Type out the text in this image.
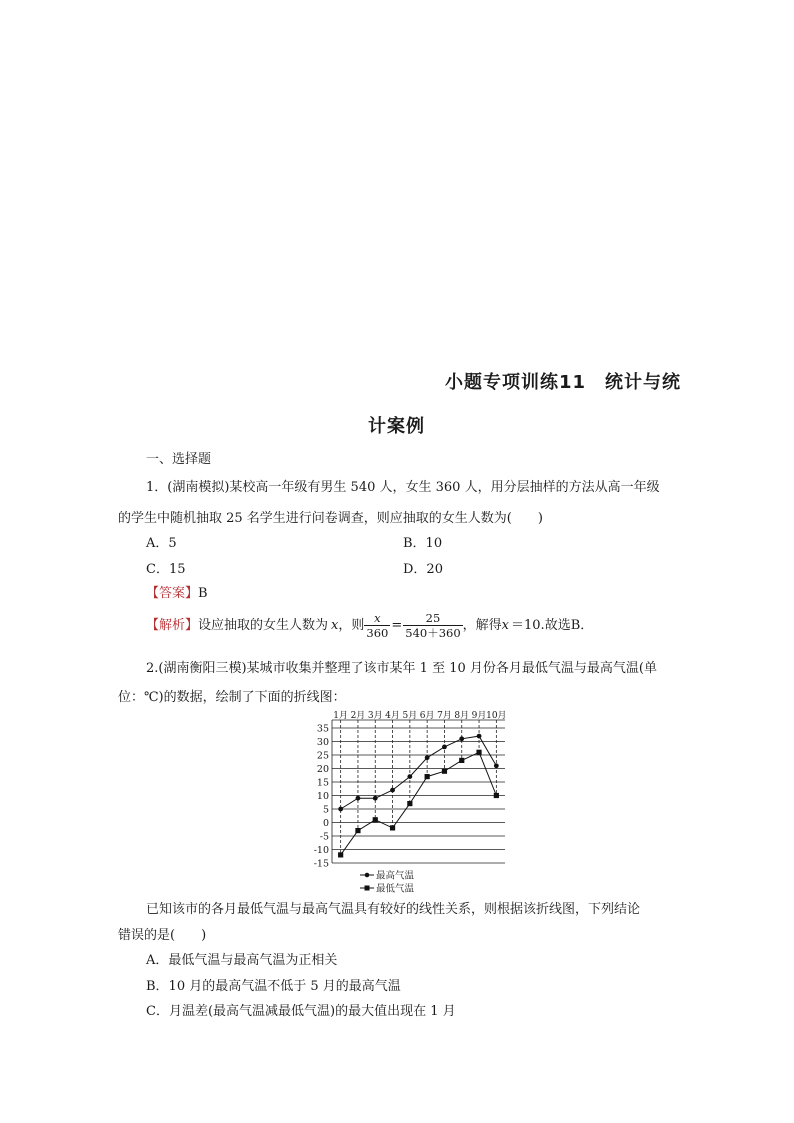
小题专项训练11　统计与统
计案例
一、选择题
1．(湖南模拟)某校高一年级有男生 540 人，女生 360 人，用分层抽样的方法从高一年级
的学生中随机抽取 25 名学生进行问卷调查，则应抽取的女生人数为(　　)
A．5	B．10
C．15	D．20
【答案】B
【解析】 设应抽取的女生人数为 x ，则 $\frac{x}{360} = \frac{25}{540+360}$ ，解得 x ＝10.故选B．
2.(湖南衡阳三模)某城市收集并整理了该市某年 1 至 10 月份各月最低气温与最高气温(单
位：℃)的数据，绘制了下面的折线图：
35
30
25
20
15
10
5
0
-5
-10
-15
1月 2月 3月 4月 5月 6月 7月 8月 9月 10月
最高气温
最低气温
已知该市的各月最低气温与最高气温具有较好的线性关系，则根据该折线图，下列结论
错误的是(　　)
A．最低气温与最高气温为正相关
B．10 月的最高气温不低于 5 月的最高气温
C．月温差(最高气温减最低气温)的最大值出现在 1 月
